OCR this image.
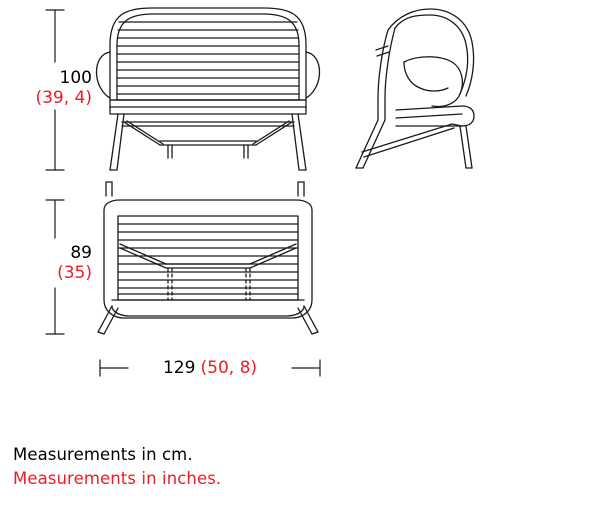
100
(39, 4)
89
(35)
129 (50, 8)
Measurements in cm.
Measurements in inches.
